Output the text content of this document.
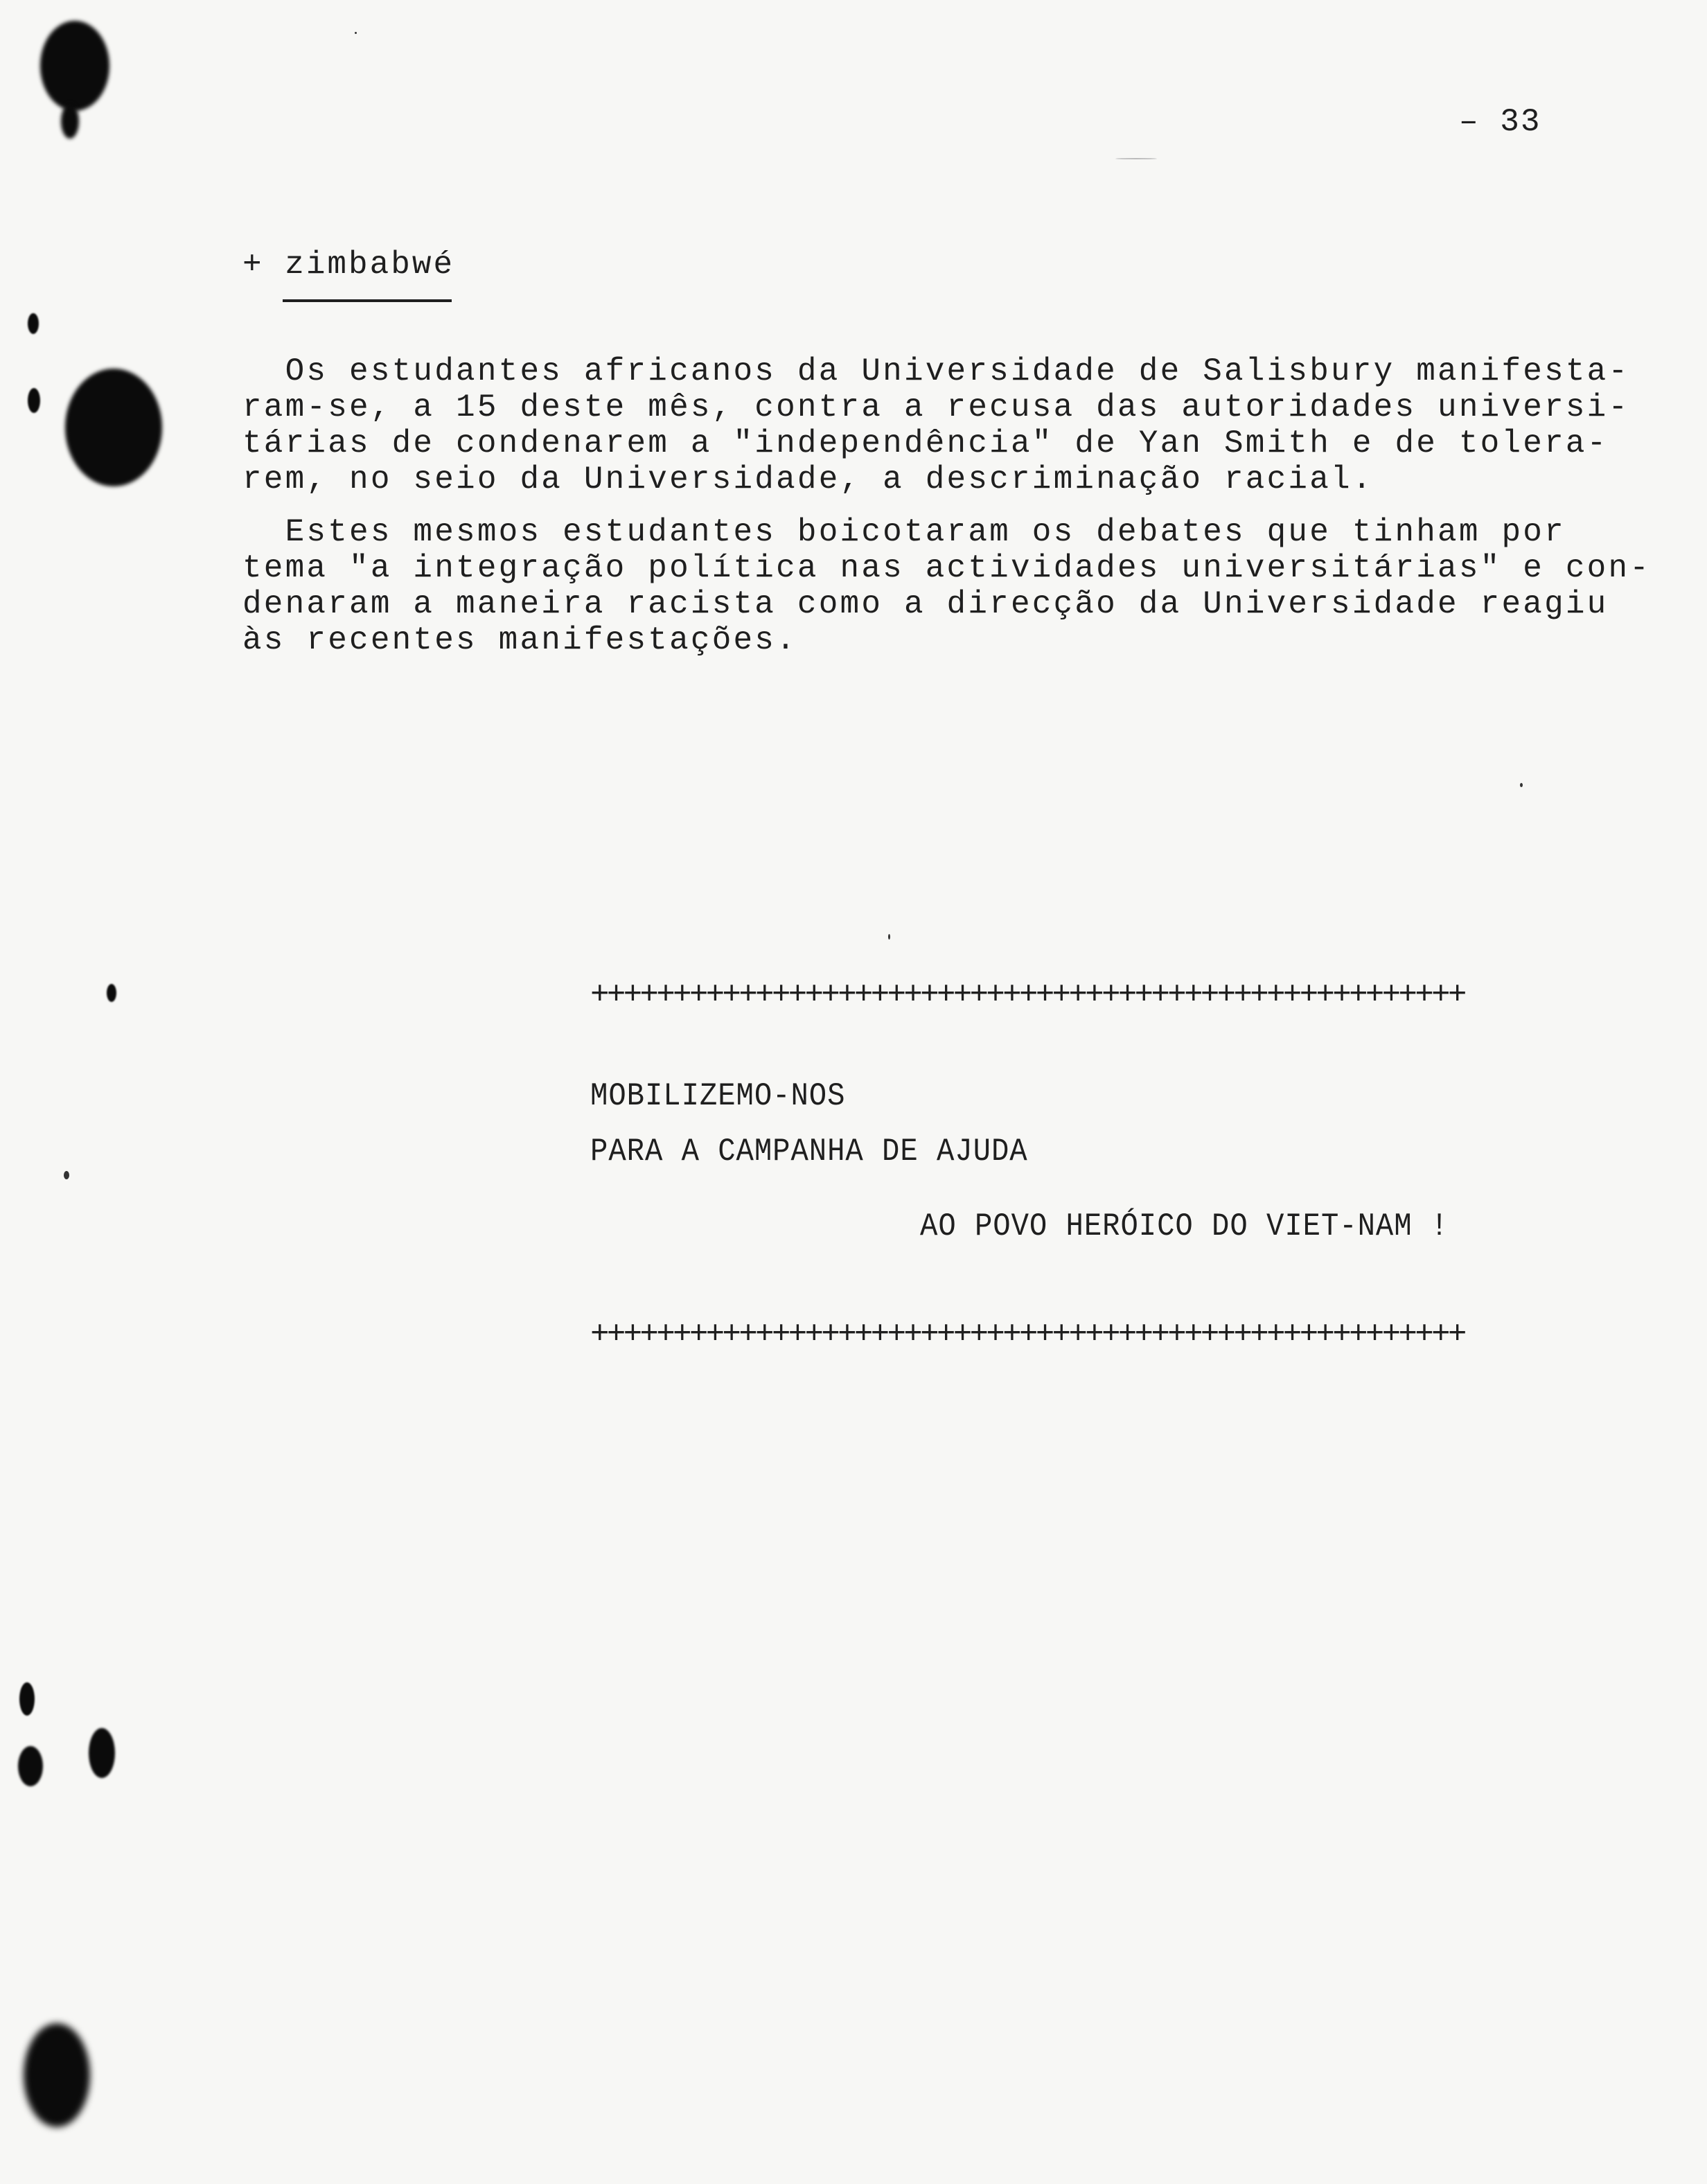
– 33
+ zimbabwé
Os estudantes africanos da Universidade de Salisbury manifesta-
ram-se, a 15 deste mês, contra a recusa das autoridades universi-
tárias de condenarem a "independência" de Yan Smith e de tolera-
rem, no seio da Universidade, a descriminação racial.
Estes mesmos estudantes boicotaram os debates que tinham por
tema "a integração política nas actividades universitárias" e con-
denaram a maneira racista como a direcção da Universidade reagiu
às recentes manifestações.
+++++++++++++++++++++++++++++++++++++++++++++++++++++
MOBILIZEMO-NOS
PARA A CAMPANHA DE AJUDA
AO POVO HERÓICO DO VIET-NAM !
+++++++++++++++++++++++++++++++++++++++++++++++++++++
